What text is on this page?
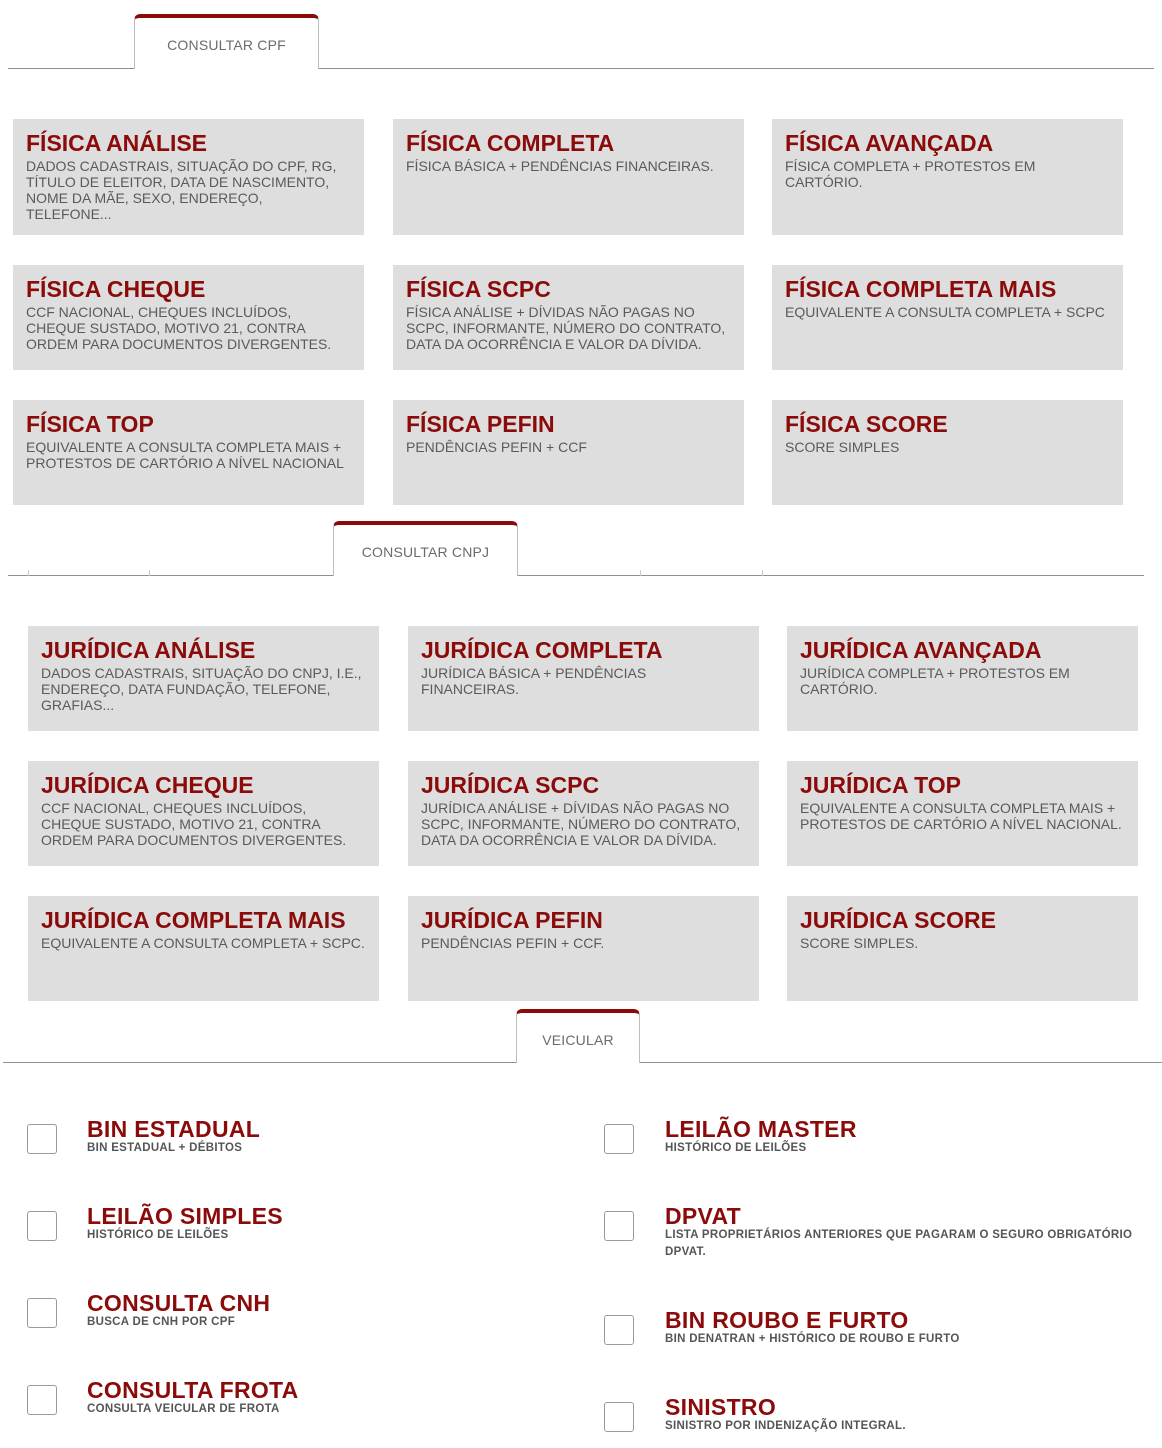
CONSULTAR CPF
FÍSICA ANÁLISE
DADOS CADASTRAIS, SITUAÇÃO DO CPF, RG, TÍTULO DE ELEITOR, DATA DE NASCIMENTO, NOME DA MÃE, SEXO, ENDEREÇO, TELEFONE...
FÍSICA COMPLETA
FÍSICA BÁSICA + PENDÊNCIAS FINANCEIRAS.
FÍSICA AVANÇADA
FÍSICA COMPLETA + PROTESTOS EM CARTÓRIO.
FÍSICA CHEQUE
CCF NACIONAL, CHEQUES INCLUÍDOS, CHEQUE SUSTADO, MOTIVO 21, CONTRA ORDEM PARA DOCUMENTOS DIVERGENTES.
FÍSICA SCPC
FÍSICA ANÁLISE + DÍVIDAS NÃO PAGAS NO SCPC, INFORMANTE, NÚMERO DO CONTRATO, DATA DA OCORRÊNCIA E VALOR DA DÍVIDA.
FÍSICA COMPLETA MAIS
EQUIVALENTE A CONSULTA COMPLETA + SCPC
FÍSICA TOP
EQUIVALENTE A CONSULTA COMPLETA MAIS + PROTESTOS DE CARTÓRIO A NÍVEL NACIONAL
FÍSICA PEFIN
PENDÊNCIAS PEFIN + CCF
FÍSICA SCORE
SCORE SIMPLES
CONSULTAR CNPJ
JURÍDICA ANÁLISE
DADOS CADASTRAIS, SITUAÇÃO DO CNPJ, I.E., ENDEREÇO, DATA FUNDAÇÃO, TELEFONE, GRAFIAS...
JURÍDICA COMPLETA
JURÍDICA BÁSICA + PENDÊNCIAS FINANCEIRAS.
JURÍDICA AVANÇADA
JURÍDICA COMPLETA + PROTESTOS EM CARTÓRIO.
JURÍDICA CHEQUE
CCF NACIONAL, CHEQUES INCLUÍDOS, CHEQUE SUSTADO, MOTIVO 21, CONTRA ORDEM PARA DOCUMENTOS DIVERGENTES.
JURÍDICA SCPC
JURÍDICA ANÁLISE + DÍVIDAS NÃO PAGAS NO SCPC, INFORMANTE, NÚMERO DO CONTRATO, DATA DA OCORRÊNCIA E VALOR DA DÍVIDA.
JURÍDICA TOP
EQUIVALENTE A CONSULTA COMPLETA MAIS + PROTESTOS DE CARTÓRIO A NÍVEL NACIONAL.
JURÍDICA COMPLETA MAIS
EQUIVALENTE A CONSULTA COMPLETA + SCPC.
JURÍDICA PEFIN
PENDÊNCIAS PEFIN + CCF.
JURÍDICA SCORE
SCORE SIMPLES.
VEICULAR
BIN ESTADUAL
BIN ESTADUAL + DÉBITOS
LEILÃO SIMPLES
HISTÓRICO DE LEILÕES
CONSULTA CNH
BUSCA DE CNH POR CPF
CONSULTA FROTA
CONSULTA VEICULAR DE FROTA
LEILÃO MASTER
HISTÓRICO DE LEILÕES
DPVAT
LISTA PROPRIETÁRIOS ANTERIORES QUE PAGARAM O SEGURO OBRIGATÓRIO DPVAT.
BIN ROUBO E FURTO
BIN DENATRAN + HISTÓRICO DE ROUBO E FURTO
SINISTRO
SINISTRO POR INDENIZAÇÃO INTEGRAL.
